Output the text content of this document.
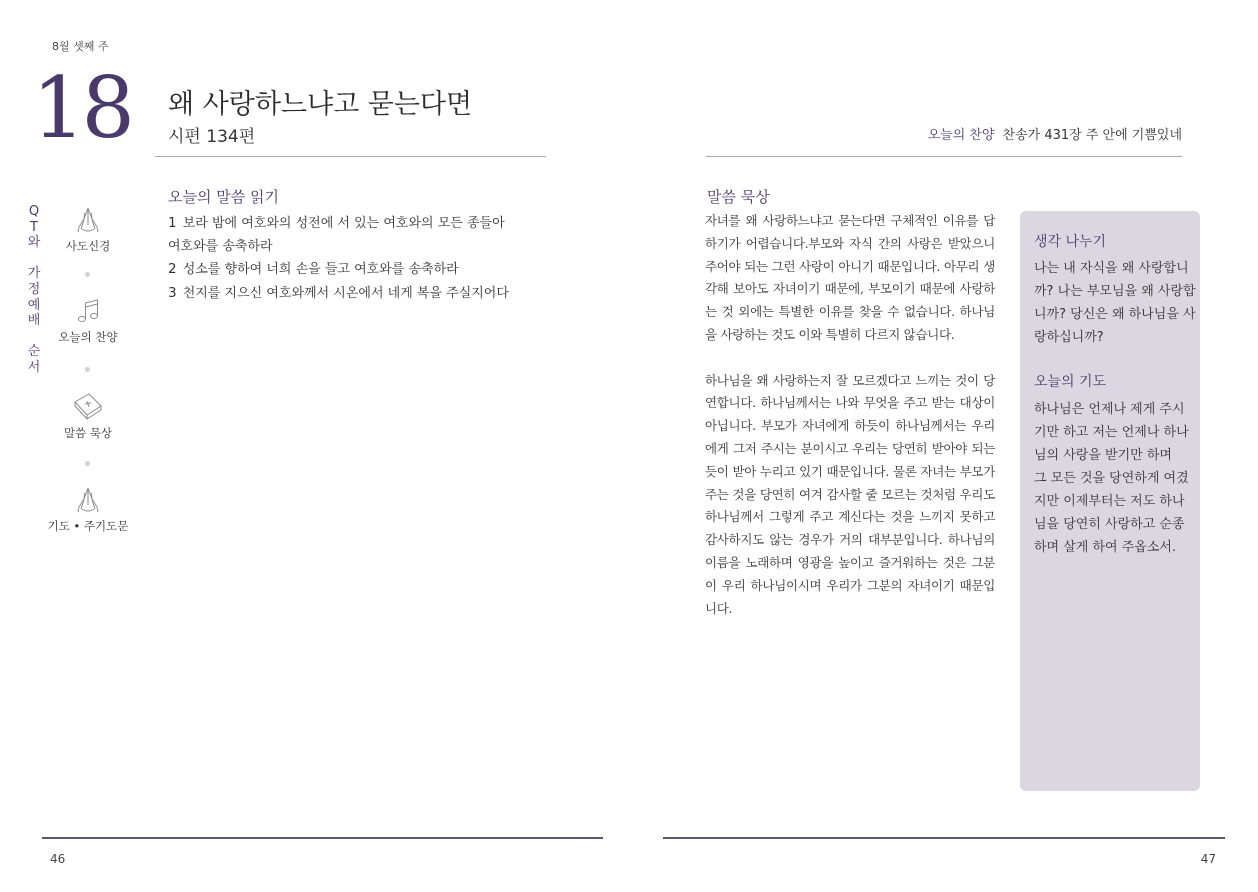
8월 셋째 주
18 왜 사랑하느냐고 묻는다면
시편 134편	오늘의 찬양 찬송가 431장 주 안에 기쁨있네
Q
T
와
가
정
예
배
순
서
사도신경
오늘의 찬양
말씀 묵상
기도 • 주기도문
오늘의 말씀 읽기
1 보라 밤에 여호와의 성전에 서 있는 여호와의 모든 종들아
여호와를 송축하라
2 성소를 향하여 너희 손을 들고 여호와를 송축하라
3 천지를 지으신 여호와께서 시온에서 네게 복을 주실지어다
말씀 묵상

자녀를 왜 사랑하느냐고 묻는다면 구체적인 이유를 답하기가 어렵습니다.부모와 자식 간의 사랑은 받았으니 주어야 되는 그런 사랑이 아니기 때문입니다. 아무리 생각해 보아도 자녀이기 때문에, 부모이기 때문에 사랑하는 것 외에는 특별한 이유를 찾을 수 없습니다. 하나님을 사랑하는 것도 이와 특별히 다르지 않습니다.

하나님을 왜 사랑하는지 잘 모르겠다고 느끼는 것이 당연합니다. 하나님께서는 나와 무엇을 주고 받는 대상이 아닙니다. 부모가 자녀에게 하듯이 하나님께서는 우리에게 그저 주시는 분이시고 우리는 당연히 받아야 되는 듯이 받아 누리고 있기 때문입니다. 물론 자녀는 부모가 주는 것을 당연히 여겨 감사할 줄 모르는 것처럼 우리도 하나님께서 그렇게 주고 계신다는 것을 느끼지 못하고 감사하지도 않는 경우가 거의 대부분입니다. 하나님의 이름을 노래하며 영광을 높이고 즐거워하는 것은 그분이 우리 하나님이시며 우리가 그분의 자녀이기 때문입니다.

생각 나누기
나는 내 자식을 왜 사랑합니
까? 나는 부모님을 왜 사랑합
니까? 당신은 왜 하나님을 사
랑하십니까?
오늘의 기도
하나님은 언제나 제게 주시
기만 하고 저는 언제나 하나
님의 사랑을 받기만 하며
그 모든 것을 당연하게 여겼
지만 이제부터는 저도 하나
님을 당연히 사랑하고 순종
하며 살게 하여 주옵소서.
46	47
